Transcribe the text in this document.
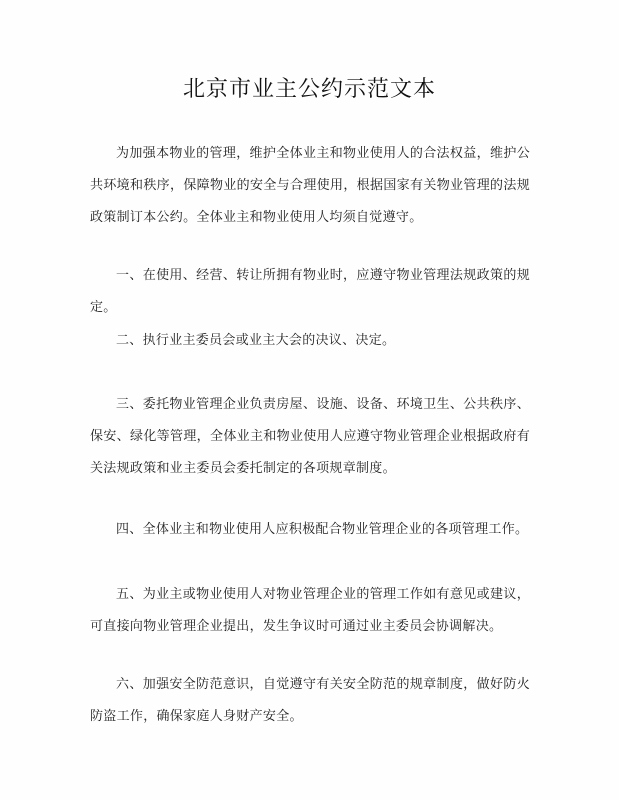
北京市业主公约示范文本

为加强本物业的管理，维护全体业主和物业使用人的合法权益，维护公共环境和秩序，保障物业的安全与合理使用，根据国家有关物业管理的法规政策制订本公约。全体业主和物业使用人均须自觉遵守。

一、在使用、经营、转让所拥有物业时，应遵守物业管理法规政策的规定。

二、执行业主委员会或业主大会的决议、决定。

三、委托物业管理企业负责房屋、设施、设备、环境卫生、公共秩序、保安、绿化等管理，全体业主和物业使用人应遵守物业管理企业根据政府有关法规政策和业主委员会委托制定的各项规章制度。

四、全体业主和物业使用人应积极配合物业管理企业的各项管理工作。

五、为业主或物业使用人对物业管理企业的管理工作如有意见或建议，可直接向物业管理企业提出，发生争议时可通过业主委员会协调解决。

六、加强安全防范意识，自觉遵守有关安全防范的规章制度，做好防火防盗工作，确保家庭人身财产安全。
